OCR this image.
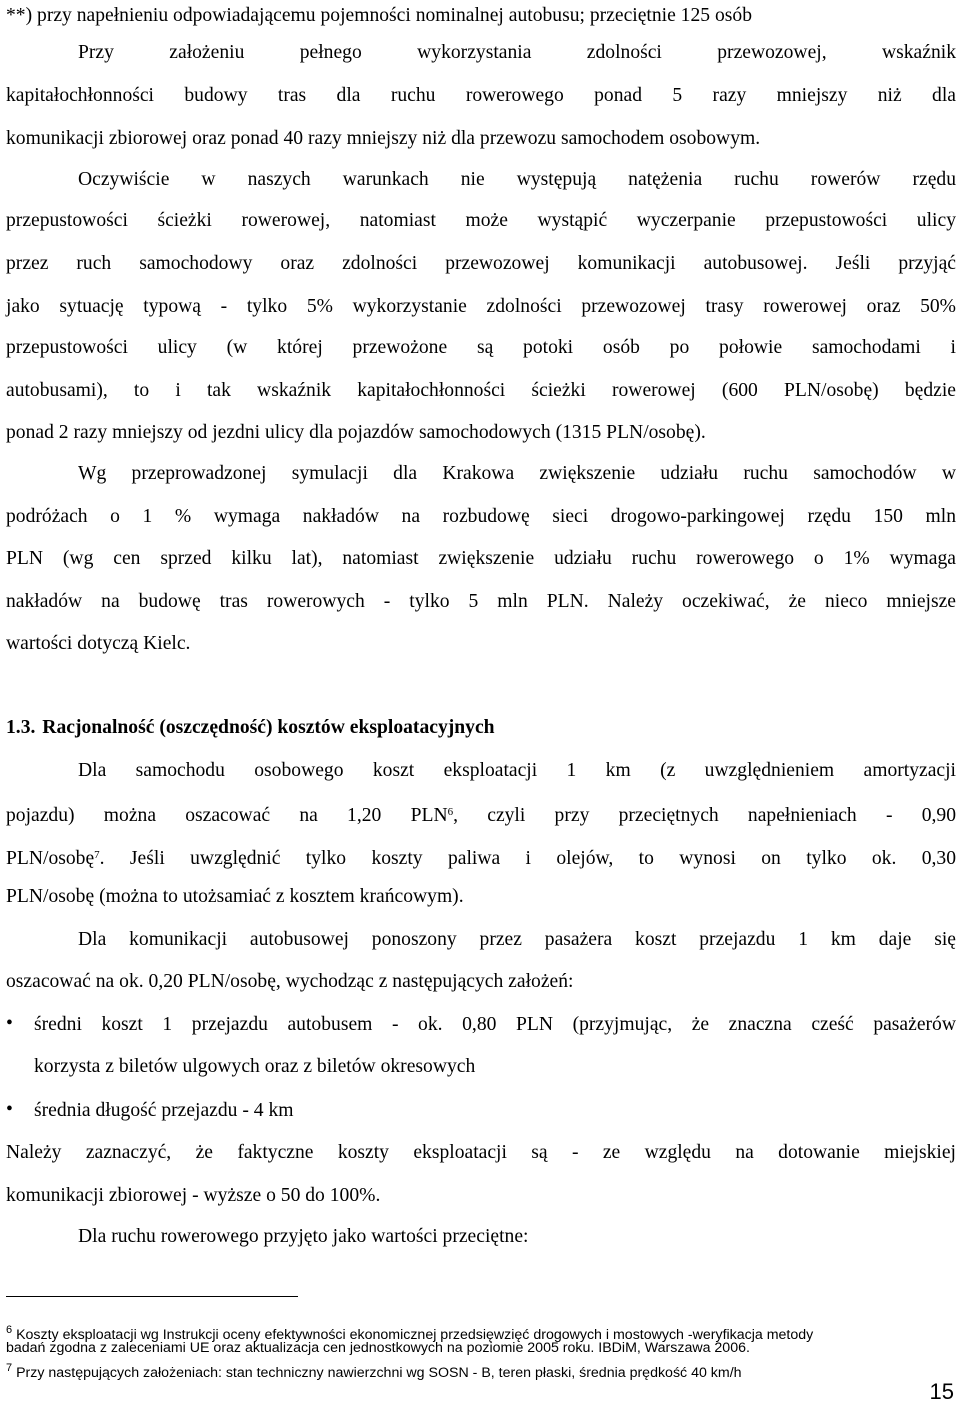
**) przy napełnieniu odpowiadającemu pojemności nominalnej autobusu; przeciętnie 125 osób
Przy założeniu pełnego wykorzystania zdolności przewozowej, wskaźnik
kapitałochłonności budowy tras dla ruchu rowerowego ponad 5 razy mniejszy niż dla
komunikacji zbiorowej oraz ponad 40 razy mniejszy niż dla przewozu samochodem osobowym.
Oczywiście w naszych warunkach nie występują natężenia ruchu rowerów rzędu
przepustowości ścieżki rowerowej, natomiast może wystąpić wyczerpanie przepustowości ulicy
przez ruch samochodowy oraz zdolności przewozowej komunikacji autobusowej. Jeśli przyjąć
jako sytuację typową - tylko 5% wykorzystanie zdolności przewozowej trasy rowerowej oraz 50%
przepustowości ulicy (w której przewożone są potoki osób po połowie samochodami i
autobusami), to i tak wskaźnik kapitałochłonności ścieżki rowerowej (600 PLN/osobę) będzie
ponad 2 razy mniejszy od jezdni ulicy dla pojazdów samochodowych (1315 PLN/osobę).
Wg przeprowadzonej symulacji dla Krakowa zwiększenie udziału ruchu samochodów w
podróżach o 1 % wymaga nakładów na rozbudowę sieci drogowo-parkingowej rzędu 150 mln
PLN (wg cen sprzed kilku lat), natomiast zwiększenie udziału ruchu rowerowego o 1% wymaga
nakładów na budowę tras rowerowych - tylko 5 mln PLN. Należy oczekiwać, że nieco mniejsze
wartości dotyczą Kielc.
1.3. Racjonalność (oszczędność) kosztów eksploatacyjnych
Dla samochodu osobowego koszt eksploatacji 1 km (z uwzględnieniem amortyzacji
pojazdu) można oszacować na 1,20 PLN$^6$, czyli przy przeciętnych napełnieniach - 0,90
PLN/osobę$^7$. Jeśli uwzględnić tylko koszty paliwa i olejów, to wynosi on tylko ok. 0,30
PLN/osobę (można to utożsamiać z kosztem krańcowym).
Dla komunikacji autobusowej ponoszony przez pasażera koszt przejazdu 1 km daje się
oszacować na ok. 0,20 PLN/osobę, wychodząc z następujących założeń:
• średni koszt 1 przejazdu autobusem - ok. 0,80 PLN (przyjmując, że znaczna cześć pasażerów
korzysta z biletów ulgowych oraz z biletów okresowych
• średnia długość przejazdu - 4 km
Należy zaznaczyć, że faktyczne koszty eksploatacji są - ze względu na dotowanie miejskiej
komunikacji zbiorowej - wyższe o 50 do 100%.
Dla ruchu rowerowego przyjęto jako wartości przeciętne:
$^6$ Koszty eksploatacji wg Instrukcji oceny efektywności ekonomicznej przedsięwzięć drogowych i mostowych -weryfikacja metody
badań zgodna z zaleceniami UE oraz aktualizacja cen jednostkowych na poziomie 2005 roku. IBDiM, Warszawa 2006.
$^7$ Przy następujących założeniach: stan techniczny nawierzchni wg SOSN - B, teren płaski, średnia prędkość 40 km/h
15
